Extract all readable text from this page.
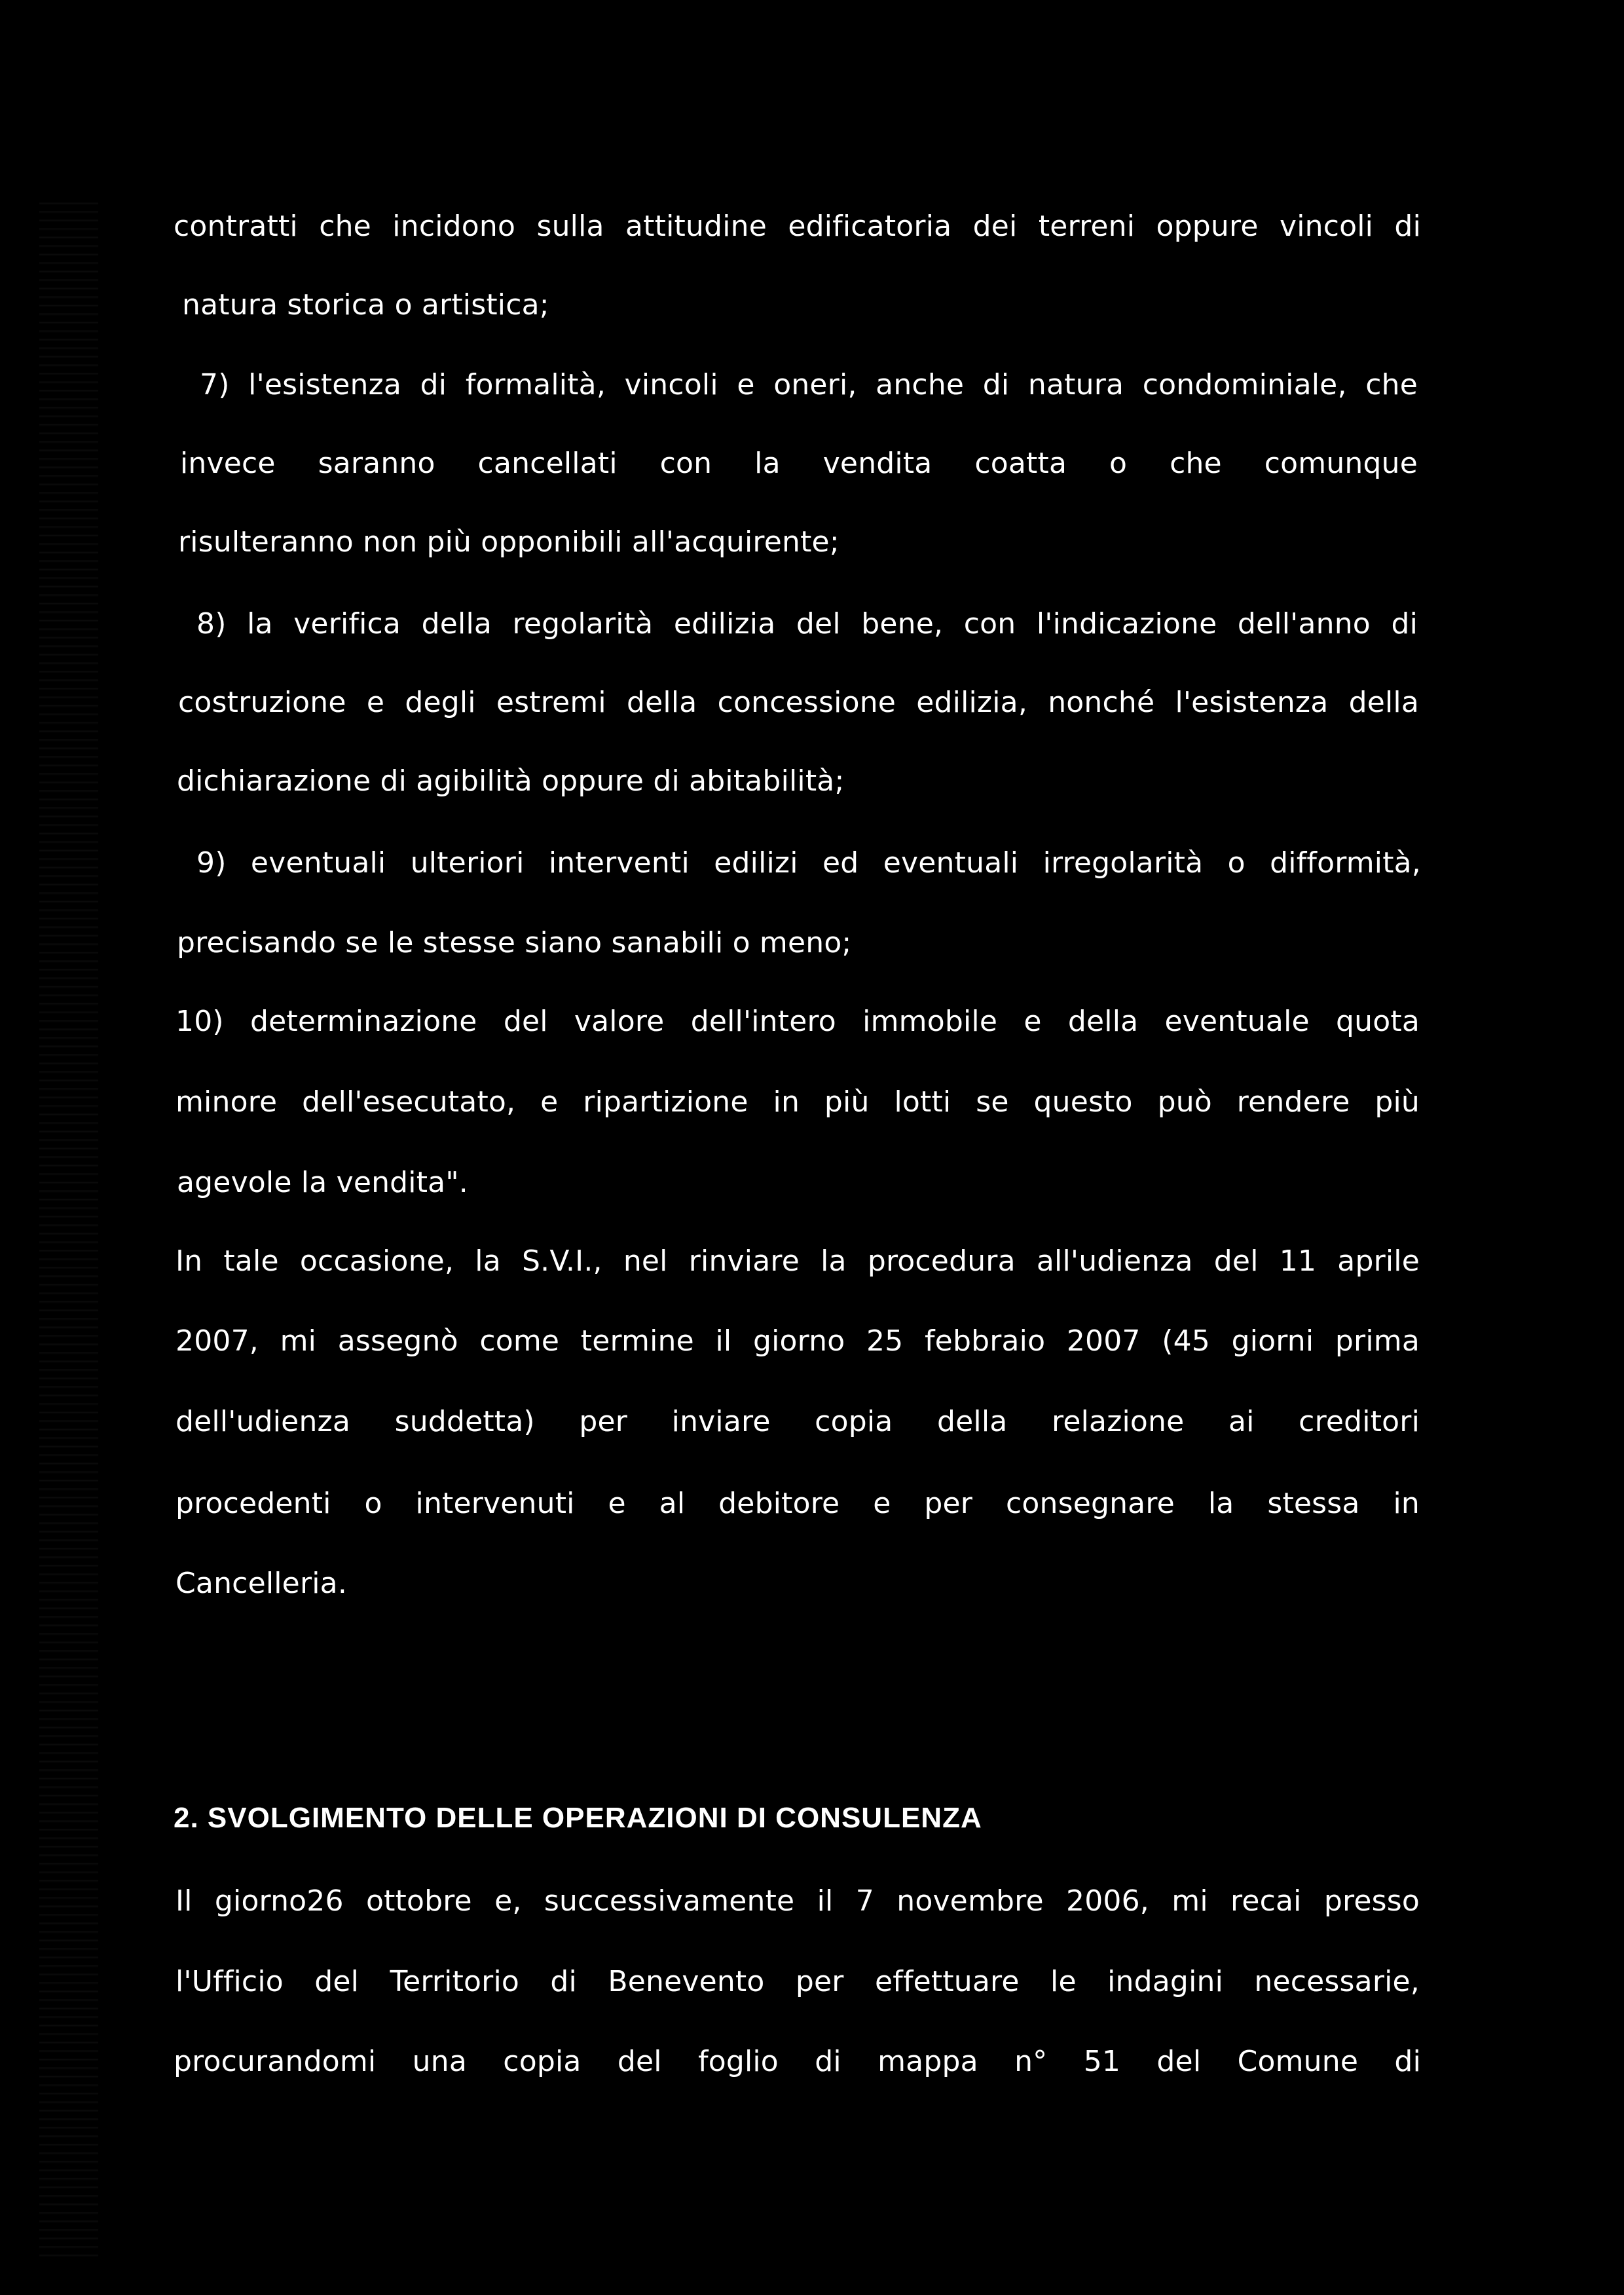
contratti che incidono sulla attitudine edificatoria dei terreni oppure vincoli di
natura storica o artistica;
7) l'esistenza di formalità, vincoli e oneri, anche di natura condominiale, che
invece saranno cancellati con la vendita coatta o che comunque
risulteranno non più opponibili all'acquirente;
8) la verifica della regolarità edilizia del bene, con l'indicazione dell'anno di
costruzione e degli estremi della concessione edilizia, nonché l'esistenza della
dichiarazione di agibilità oppure di abitabilità;
9) eventuali ulteriori interventi edilizi ed eventuali irregolarità o difformità,
precisando se le stesse siano sanabili o meno;
10) determinazione del valore dell'intero immobile e della eventuale quota
minore dell'esecutato, e ripartizione in più lotti se questo può rendere più
agevole la vendita".
In tale occasione, la S.V.I., nel rinviare la procedura all'udienza del 11 aprile
2007, mi assegnò come termine il giorno 25 febbraio 2007 (45 giorni prima
dell'udienza suddetta) per inviare copia della relazione ai creditori
procedenti o intervenuti e al debitore e per consegnare la stessa in
Cancelleria.
2. SVOLGIMENTO DELLE OPERAZIONI DI CONSULENZA
Il giorno26 ottobre e, successivamente il 7 novembre 2006, mi recai presso
l'Ufficio del Territorio di Benevento per effettuare le indagini necessarie,
procurandomi una copia del foglio di mappa n° 51 del Comune di
